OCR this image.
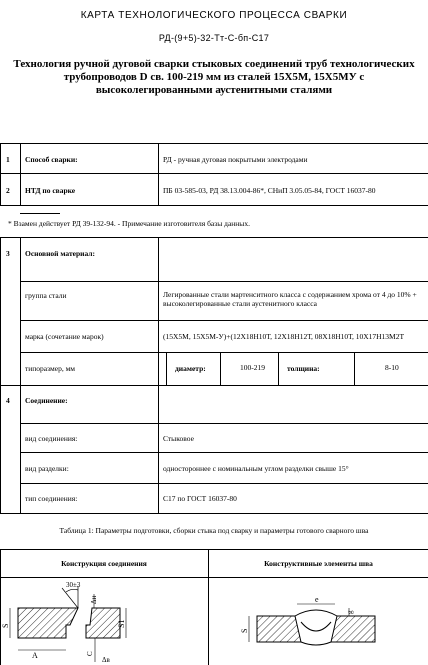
КАРТА ТЕХНОЛОГИЧЕСКОГО ПРОЦЕССА СВАРКИ
РД-(9+5)-32-Тт-С-бп-С17
Технология ручной дуговой сварки стыковых соединений труб технологических трубопроводов D св. 100-219 мм из сталей 15Х5М, 15Х5МУ с высоколегированными аустенитными сталями
1 Способ сварки:	РД - ручная дуговая покрытыми электродами
2 НТД по сварке	ПБ 03-585-03, РД 38.13.004-86*, СНиП 3.05.05-84, ГОСТ 16037-80
* Взамен действует РД 39-132-94. - Примечание изготовителя базы данных.
3 Основной материал:
группа стали	Легированные стали мартенситного класса с содержанием хрома от 4 до 10% + высоколегированные стали аустенитного класса
марка (сочетание марок)	(15Х5М, 15Х5М-У)+(12Х18Н10Т, 12Х18Н12Т, 08Х18Н10Т, 10Х17Н13М2Т
типоразмер, мм	диаметр:	100-219	толщина:	8-10
4 Соединение:
вид соединения:	Стыковое
вид разделки:	одностороннее с номинальным углом разделки свыше 15°
тип соединения:	С17 по ГОСТ 16037-80
Таблица 1: Параметры подготовки, сборки стыка под сварку и параметры готового сварного шва
Конструкция соединения	Конструктивные элементы шва
30±3
Δн
S	S1
A	C
Δв
e
g
S
